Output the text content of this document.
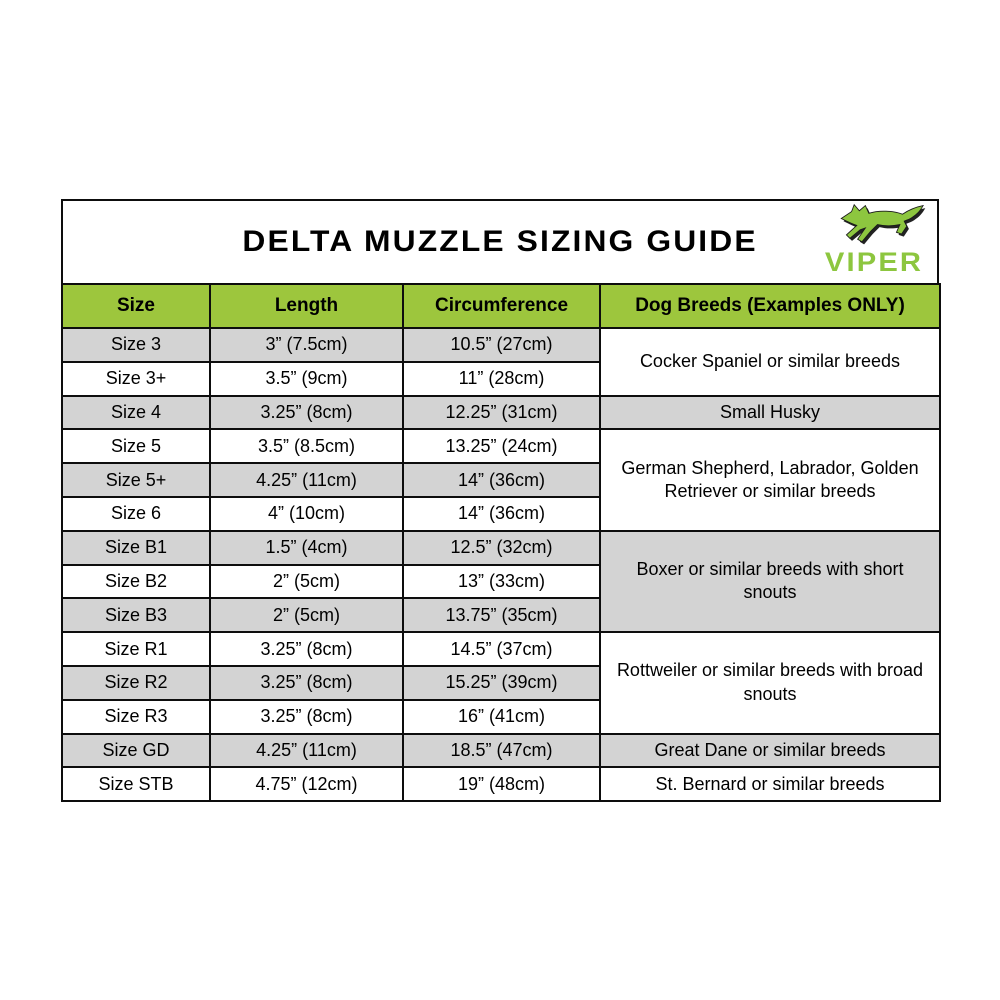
DELTA MUZZLE SIZING GUIDE
VIPER
Size	Length	Circumference	Dog Breeds (Examples ONLY)
Size 3	3” (7.5cm)	10.5” (27cm)	Cocker Spaniel or similar breeds
Size 3+	3.5” (9cm)	11” (28cm)	
Size 4	3.25” (8cm)	12.25” (31cm)	Small Husky
Size 5	3.5” (8.5cm)	13.25” (24cm)	German Shepherd, Labrador, Golden Retriever or similar breeds
Size 5+	4.25” (11cm)	14” (36cm)	
Size 6	4” (10cm)	14” (36cm)	
Size B1	1.5” (4cm)	12.5” (32cm)	Boxer or similar breeds with short snouts
Size B2	2” (5cm)	13” (33cm)	
Size B3	2” (5cm)	13.75” (35cm)	
Size R1	3.25” (8cm)	14.5” (37cm)	Rottweiler or similar breeds with broad snouts
Size R2	3.25” (8cm)	15.25” (39cm)	
Size R3	3.25” (8cm)	16” (41cm)	
Size GD	4.25” (11cm)	18.5” (47cm)	Great Dane or similar breeds
Size STB	4.75” (12cm)	19” (48cm)	St. Bernard or similar breeds
